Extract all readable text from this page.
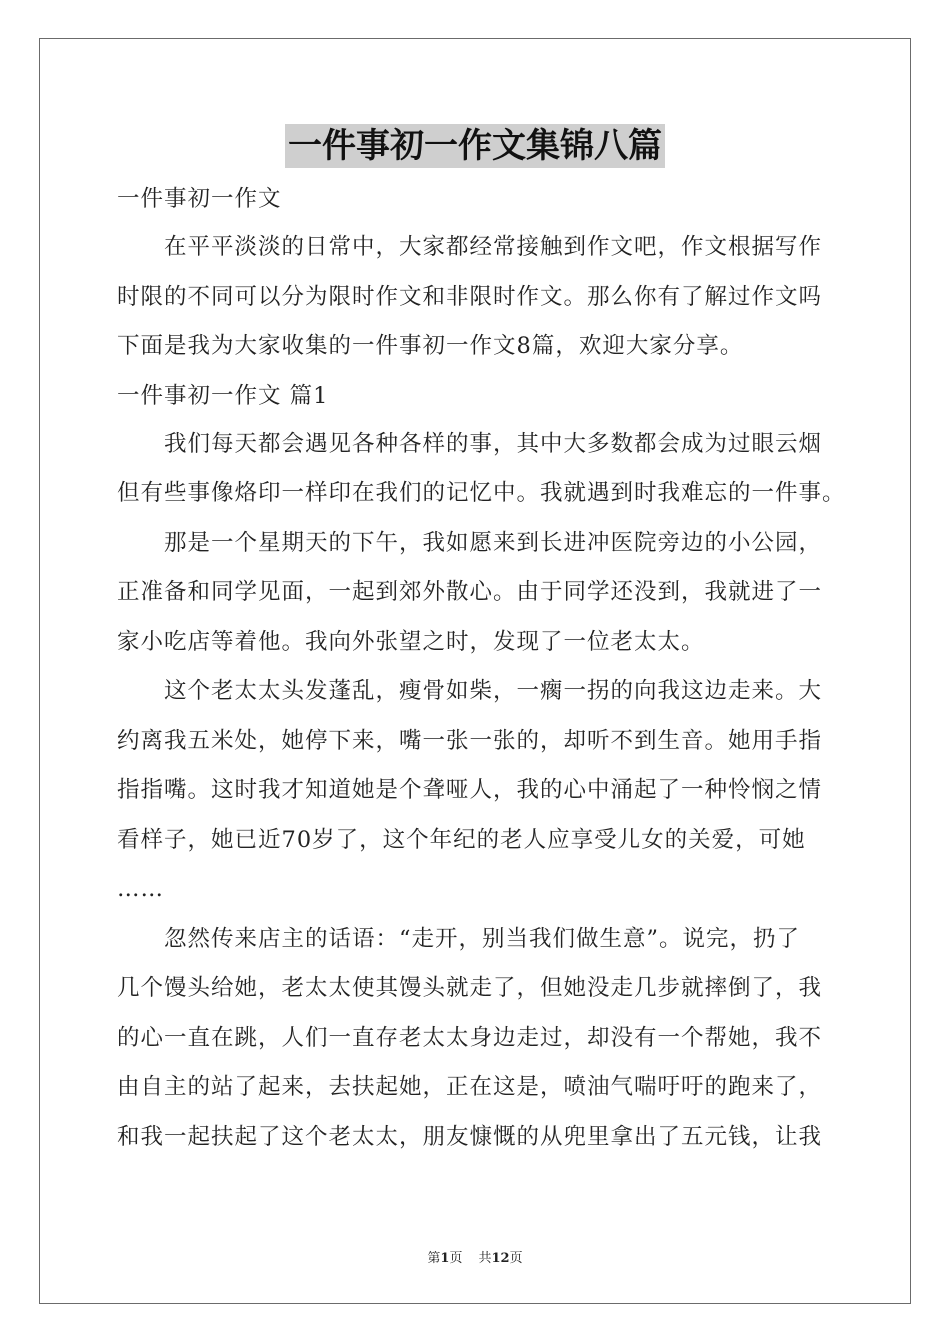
一件事初一作文集锦八篇
一件事初一作文
在平平淡淡的日常中，大家都经常接触到作文吧，作文根据写作
时限的不同可以分为限时作文和非限时作文。那么你有了解过作文吗
下面是我为大家收集的一件事初一作文8篇，欢迎大家分享。
一件事初一作文 篇1
我们每天都会遇见各种各样的事，其中大多数都会成为过眼云烟
但有些事像烙印一样印在我们的记忆中。我就遇到时我难忘的一件事。
那是一个星期天的下午，我如愿来到长进冲医院旁边的小公园，
正准备和同学见面，一起到郊外散心。由于同学还没到，我就进了一
家小吃店等着他。我向外张望之时，发现了一位老太太。
这个老太太头发蓬乱，瘦骨如柴，一瘸一拐的向我这边走来。大
约离我五米处，她停下来，嘴一张一张的，却听不到生音。她用手指
指指嘴。这时我才知道她是个聋哑人，我的心中涌起了一种怜悯之情
看样子，她已近70岁了，这个年纪的老人应享受儿女的关爱，可她
……
忽然传来店主的话语：“走开，别当我们做生意”。说完，扔了
几个馒头给她，老太太使其馒头就走了，但她没走几步就摔倒了，我
的心一直在跳，人们一直存老太太身边走过，却没有一个帮她，我不
由自主的站了起来，去扶起她，正在这是，喷油气喘吁吁的跑来了，
和我一起扶起了这个老太太，朋友慷慨的从兜里拿出了五元钱，让我
第1页 共12页
